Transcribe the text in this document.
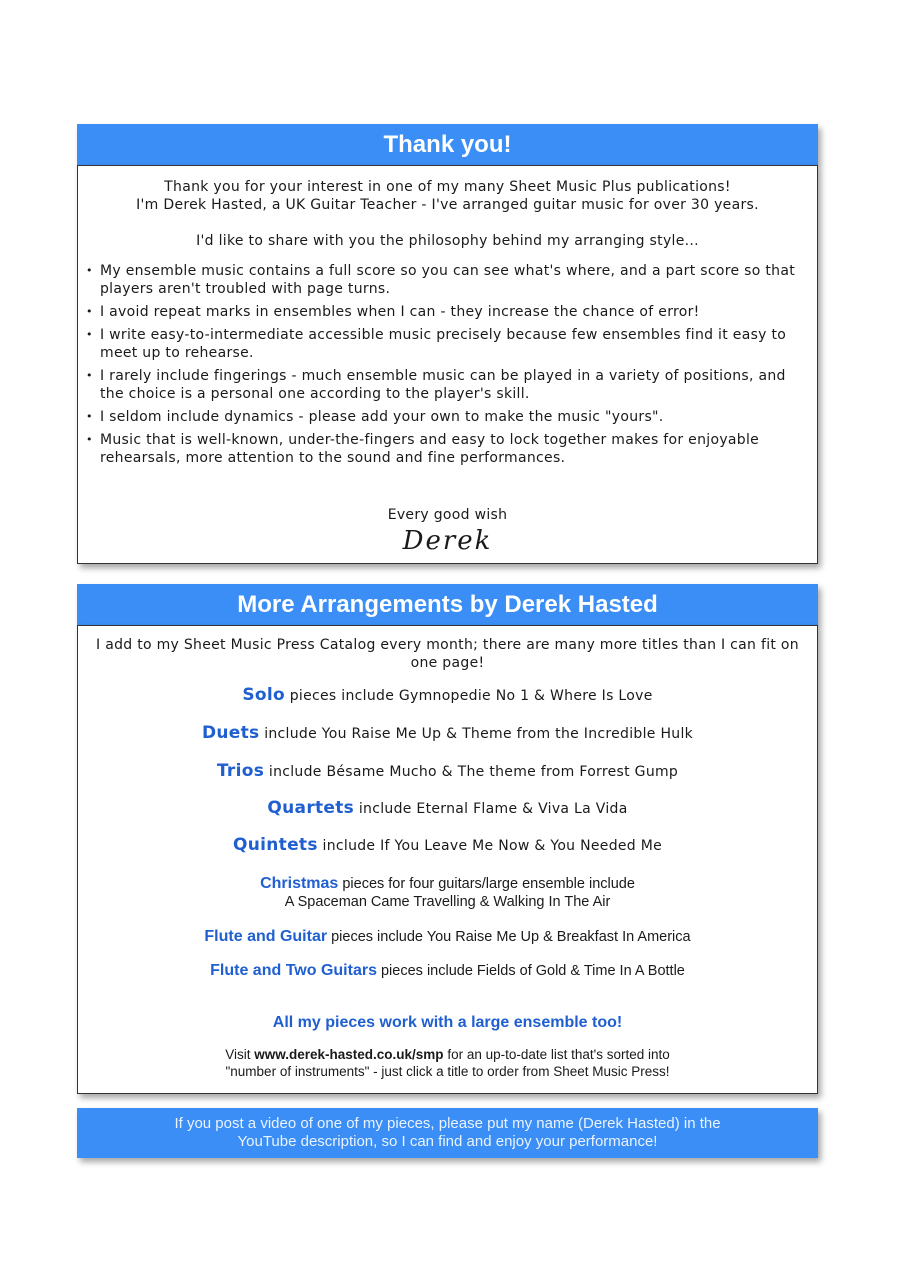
Thank you!
Thank you for your interest in one of my many Sheet Music Plus publications!
I'm Derek Hasted, a UK Guitar Teacher - I've arranged guitar music for over 30 years.
I'd like to share with you the philosophy behind my arranging style...
• My ensemble music contains a full score so you can see what's where, and a part score so that players aren't troubled with page turns.
• I avoid repeat marks in ensembles when I can - they increase the chance of error!
• I write easy-to-intermediate accessible music precisely because few ensembles find it easy to meet up to rehearse.
• I rarely include fingerings - much ensemble music can be played in a variety of positions, and the choice is a personal one according to the player's skill.
• I seldom include dynamics - please add your own to make the music "yours".
• Music that is well-known, under-the-fingers and easy to lock together makes for enjoyable rehearsals, more attention to the sound and fine performances.
Every good wish
Derek
More Arrangements by Derek Hasted
I add to my Sheet Music Press Catalog every month; there are many more titles than I can fit on one page!
Solo pieces include Gymnopedie No 1 & Where Is Love
Duets include You Raise Me Up & Theme from the Incredible Hulk
Trios include Bésame Mucho & The theme from Forrest Gump
Quartets include Eternal Flame & Viva La Vida
Quintets include If You Leave Me Now & You Needed Me
Christmas pieces for four guitars/large ensemble include
A Spaceman Came Travelling & Walking In The Air
Flute and Guitar pieces include You Raise Me Up & Breakfast In America
Flute and Two Guitars pieces include Fields of Gold & Time In A Bottle
All my pieces work with a large ensemble too!
Visit www.derek-hasted.co.uk/smp for an up-to-date list that's sorted into
"number of instruments" - just click a title to order from Sheet Music Press!
If you post a video of one of my pieces, please put my name (Derek Hasted) in the
YouTube description, so I can find and enjoy your performance!
